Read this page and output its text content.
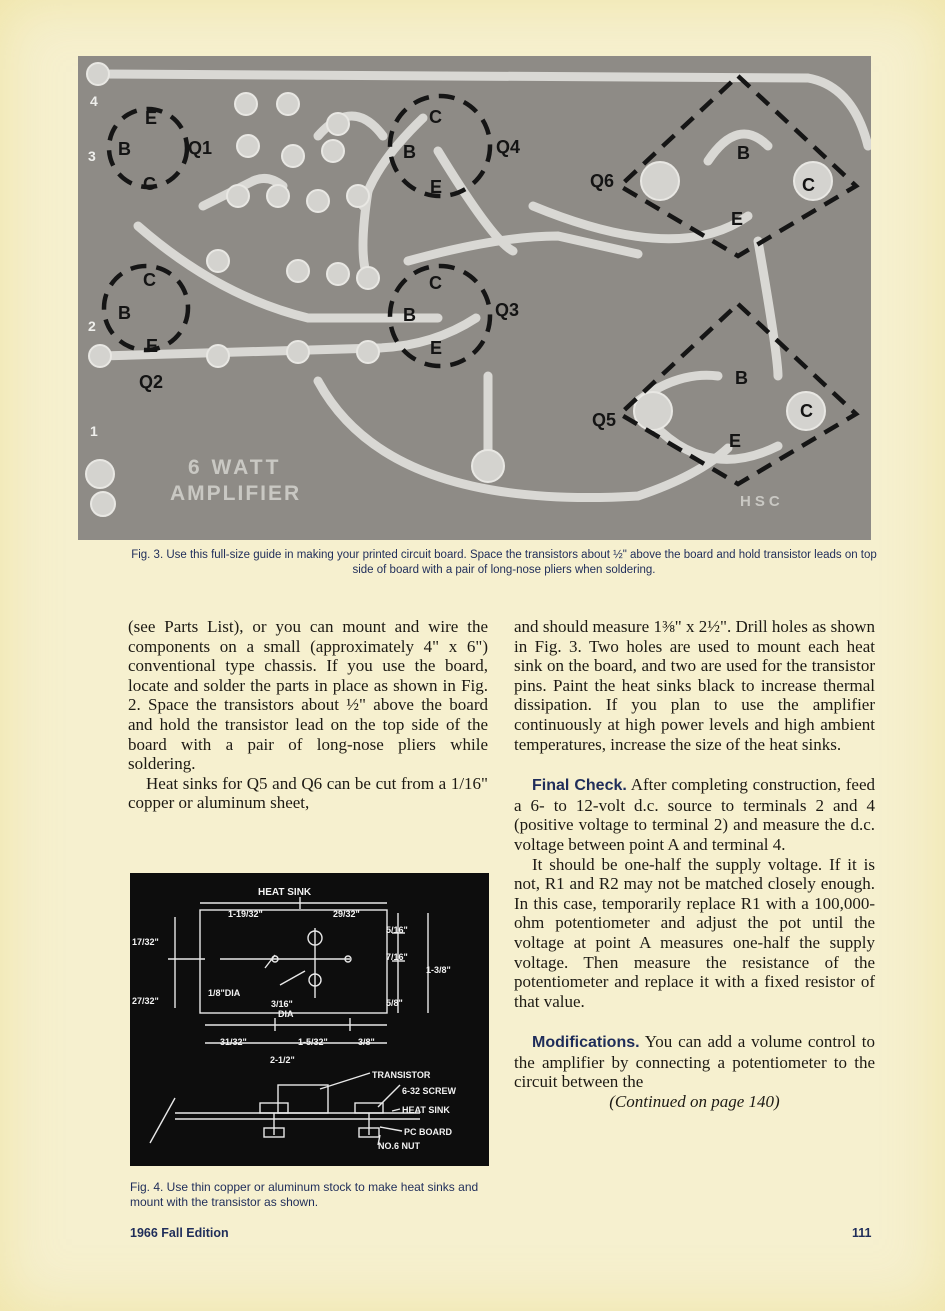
E
B
C
C
B
E
C
B
E
C
B
E
B
C
E
B
C
E
Q1
Q2
Q3
Q4
Q5
Q6
4
3
2
1
6 WATT
AMPLIFIER	HSC

Fig. 3. Use this full-size guide in making your printed circuit board. Space the transistors about ½" above the board and hold transistor leads on top side of board with a pair of long-nose pliers when soldering.

(see Parts List), or you can mount and wire the components on a small (approximately 4" x 6") conventional type chassis. If you use the board, locate and solder the parts in place as shown in Fig. 2. Space the transistors about ½" above the board and hold the transistor lead on the top side of the board with a pair of long-nose pliers while soldering.

Heat sinks for Q5 and Q6 can be cut from a 1/16" copper or aluminum sheet,

HEAT SINK
1-19/32"	29/32"
17/32"
27/32"
5/16"
7/16"
1-3/8"
5/8"
1/8"DIA
3/16"
DIA
31/32"	1-5/32"	3/8"
2-1/2"
TRANSISTOR
6-32 SCREW
HEAT SINK
PC BOARD
NO.6 NUT

Fig. 4. Use thin copper or aluminum stock to make heat sinks and mount with the transistor as shown.

and should measure 1⅜" x 2½". Drill holes as shown in Fig. 3. Two holes are used to mount each heat sink on the board, and two are used for the transistor pins. Paint the heat sinks black to increase thermal dissipation. If you plan to use the amplifier continuously at high power levels and high ambient temperatures, increase the size of the heat sinks.

Final Check. After completing construction, feed a 6- to 12-volt d.c. source to terminals 2 and 4 (positive voltage to terminal 2) and measure the d.c. voltage between point A and terminal 4.

It should be one-half the supply voltage. If it is not, R1 and R2 may not be matched closely enough. In this case, temporarily replace R1 with a 100,000-ohm potentiometer and adjust the pot until the voltage at point A measures one-half the supply voltage. Then measure the resistance of the potentiometer and replace it with a fixed resistor of that value.

Modifications. You can add a volume control to the amplifier by connecting a potentiometer to the circuit between the

(Continued on page 140)

1966 Fall Edition	111
